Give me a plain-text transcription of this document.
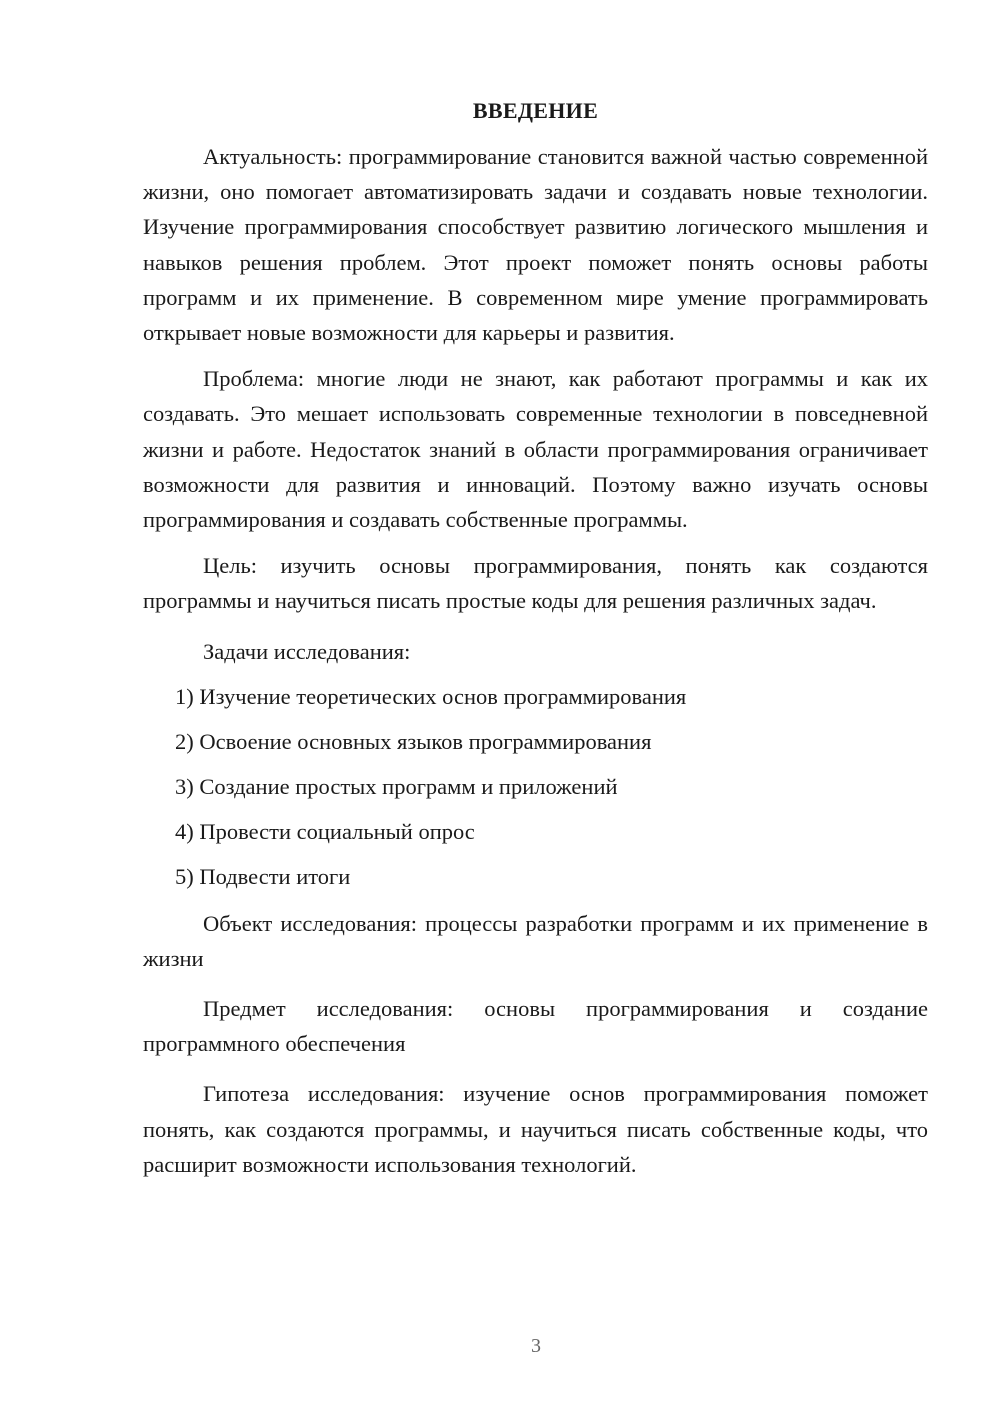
ВВЕДЕНИЕ

Актуальность: программирование становится важной частью современной жизни, оно помогает автоматизировать задачи и создавать новые технологии. Изучение программирования способствует развитию логического мышления и навыков решения проблем. Этот проект поможет понять основы работы программ и их применение. В современном мире умение программировать открывает новые возможности для карьеры и развития.

Проблема: многие люди не знают, как работают программы и как их создавать. Это мешает использовать современные технологии в повседневной жизни и работе. Недостаток знаний в области программирования ограничивает возможности для развития и инноваций. Поэтому важно изучать основы программирования и создавать собственные программы.

Цель: изучить основы программирования, понять как создаются программы и научиться писать простые коды для решения различных задач.

Задачи исследования:

1) Изучение теоретических основ программирования
2) Освоение основных языков программирования
3) Создание простых программ и приложений
4) Провести социальный опрос
5) Подвести итоги

Объект исследования: процессы разработки программ и их применение в жизни

Предмет исследования: основы программирования и создание программного обеспечения

Гипотеза исследования: изучение основ программирования поможет понять, как создаются программы, и научиться писать собственные коды, что расширит возможности использования технологий.

3
